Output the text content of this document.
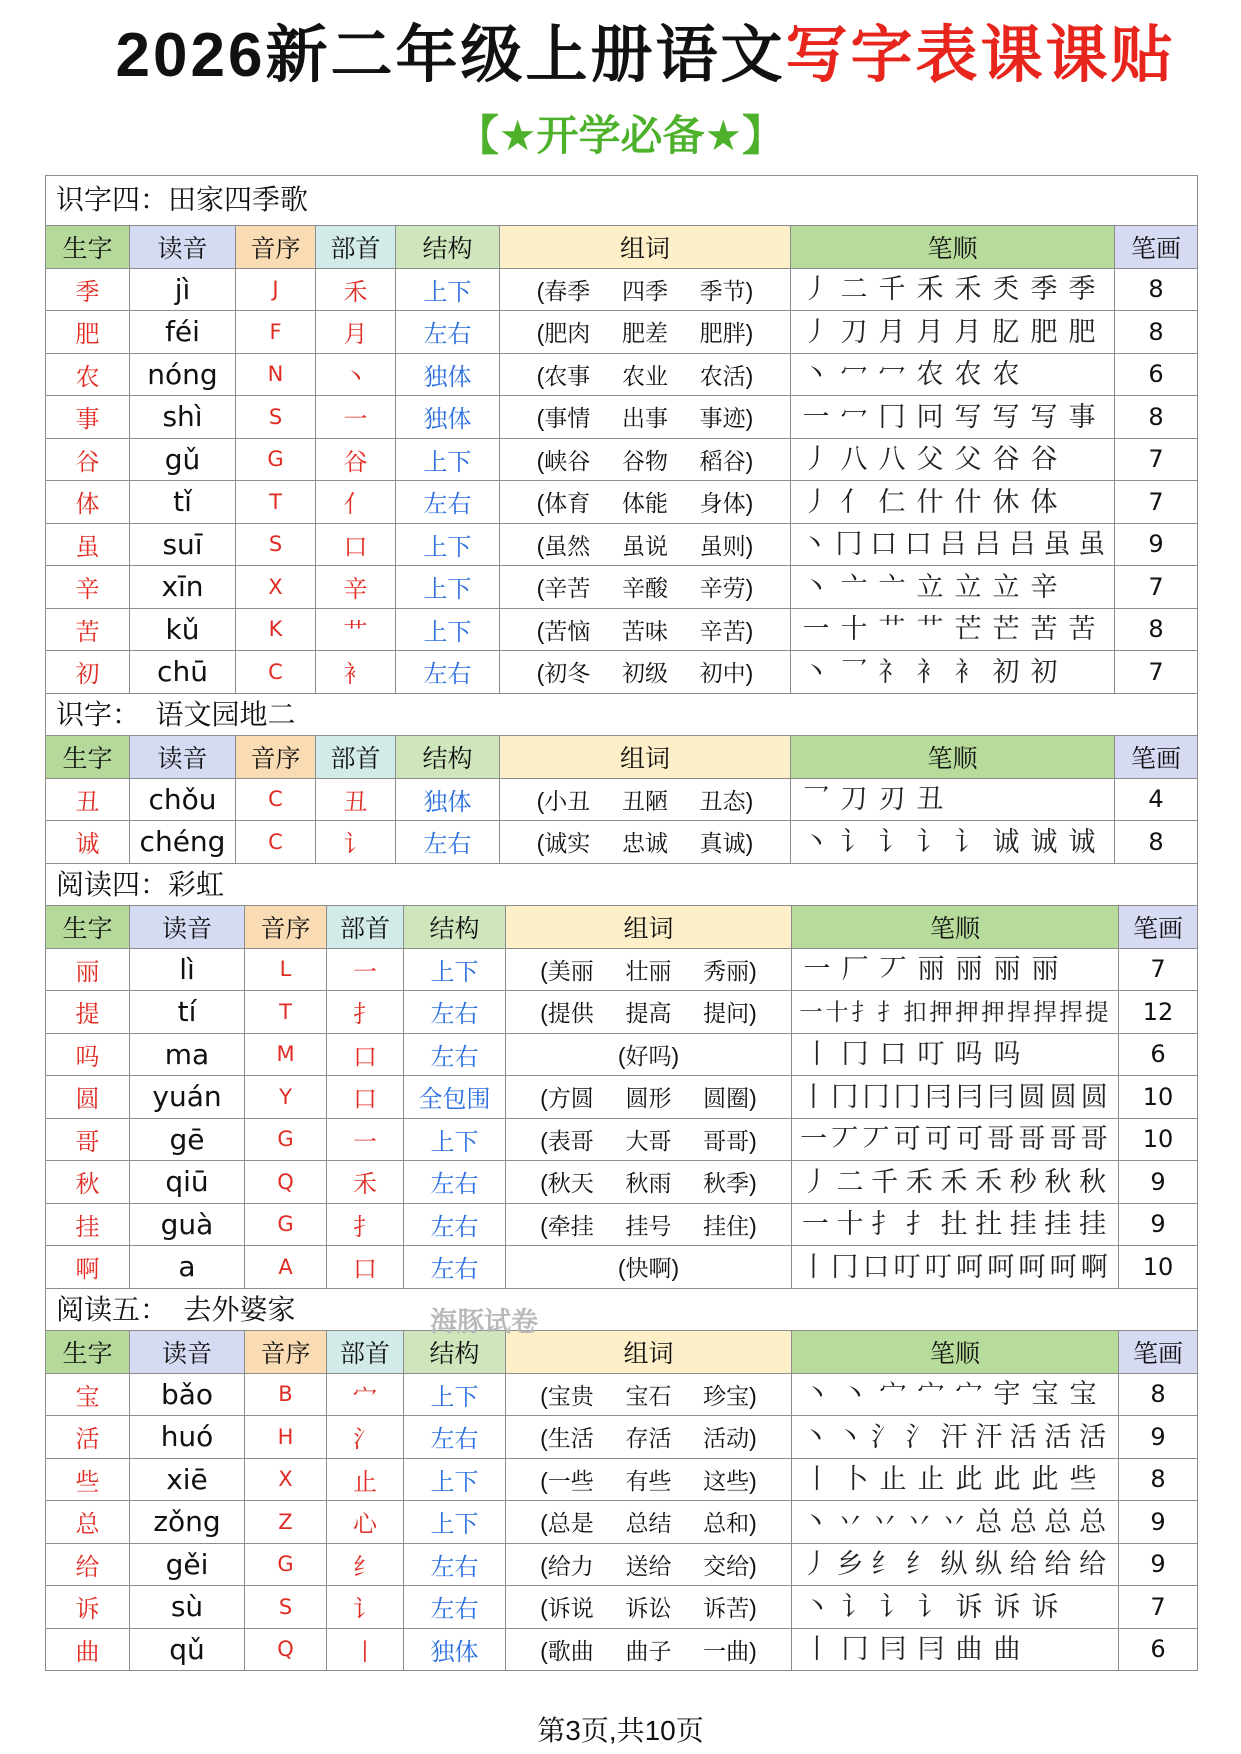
2026新二年级上册语文写字表课课贴
【★开学必备★】
识字四：田家四季歌
生字	读音	音序	部首	结构	组词	笔顺	笔画
季	jì	J	禾	上下	(春季 四季 季节)	丿 二 千 禾 禾 秂 季 季	8
肥	féi	F	月	左右	(肥肉 肥差 肥胖)	丿 刀 月 月 月 肊 肥 肥	8
农	nóng	N	丶	独体	(农事 农业 农活)	丶 冖 冖 农 农 农	6
事	shì	S	一	独体	(事情 出事 事迹)	一 冖 冂 冋 写 写 写 事	8
谷	gǔ	G	谷	上下	(峡谷 谷物 稻谷)	丿 八 八 父 父 谷 谷	7
体	tǐ	T	亻	左右	(体育 体能 身体)	丿 亻 仁 什 什 休 体	7
虽	suī	S	口	上下	(虽然 虽说 虽则)	丶 冂 口 口 吕 吕 吕 虽 虽	9
辛	xīn	X	辛	上下	(辛苦 辛酸 辛劳)	丶 亠 亠 立 立 立 辛	7
苦	kǔ	K	艹	上下	(苦恼 苦味 辛苦)	一 十 艹 艹 芒 芒 苦 苦	8
初	chū	C	衤	左右	(初冬 初级 初中)	丶 乛 礻 衤 衤 初 初	7
识字：  语文园地二
生字	读音	音序	部首	结构	组词	笔顺	笔画
丑	chǒu	C	丑	独体	(小丑 丑陋 丑态)	乛 刀 刃 丑	4
诚	chéng	C	讠	左右	(诚实 忠诚 真诚)	丶 讠 讠 讠 讠 诚 诚 诚	8
阅读四：彩虹
生字	读音	音序	部首	结构	组词	笔顺	笔画
丽	lì	L	一	上下	(美丽 壮丽 秀丽)	一 厂 丆 丽 丽 丽 丽	7
提	tí	T	扌	左右	(提供 提高 提问)	一 十 扌 扌 扣 押 押 押 捍 捍 捍 提	12
吗	ma	M	口	左右	(好吗)	丨 冂 口 叮 吗 吗	6
圆	yuán	Y	口	全包围	(方圆 圆形 圆圈)	丨 冂 冂 冂 冃 冃 冃 圆 圆 圆	10
哥	gē	G	一	上下	(表哥 大哥 哥哥)	一 丆 丆 可 可 可 哥 哥 哥 哥	10
秋	qiū	Q	禾	左右	(秋天 秋雨 秋季)	丿 二 千 禾 禾 禾 秒 秋 秋	9
挂	guà	G	扌	左右	(牵挂 挂号 挂住)	一 十 扌 扌 扗 扗 挂 挂 挂	9
啊	a	A	口	左右	(快啊)	丨 冂 口 叮 叮 呵 呵 呵 呵 啊	10
阅读五：  去外婆家
生字	读音	音序	部首	结构	组词	笔顺	笔画
宝	bǎo	B	宀	上下	(宝贵 宝石 珍宝)	丶 丶 宀 宀 宀 宇 宝 宝	8
活	huó	H	氵	左右	(生活 存活 活动)	丶 丶 氵 氵 汗 汗 活 活 活	9
些	xiē	X	止	上下	(一些 有些 这些)	丨 卜 止 止 此 此 此 些	8
总	zǒng	Z	心	上下	(总是 总结 总和)	丶 丷 丷 丷 丷 总 总 总 总	9
给	gěi	G	纟	左右	(给力 送给 交给)	丿 乡 纟 纟 纵 纵 给 给 给	9
诉	sù	S	讠	左右	(诉说 诉讼 诉苦)	丶 讠 讠 讠 诉 诉 诉	7
曲	qǔ	Q	丨	独体	(歌曲 曲子 一曲)	丨 冂 冃 冃 曲 曲	6
海豚试卷
第3页,共10页
